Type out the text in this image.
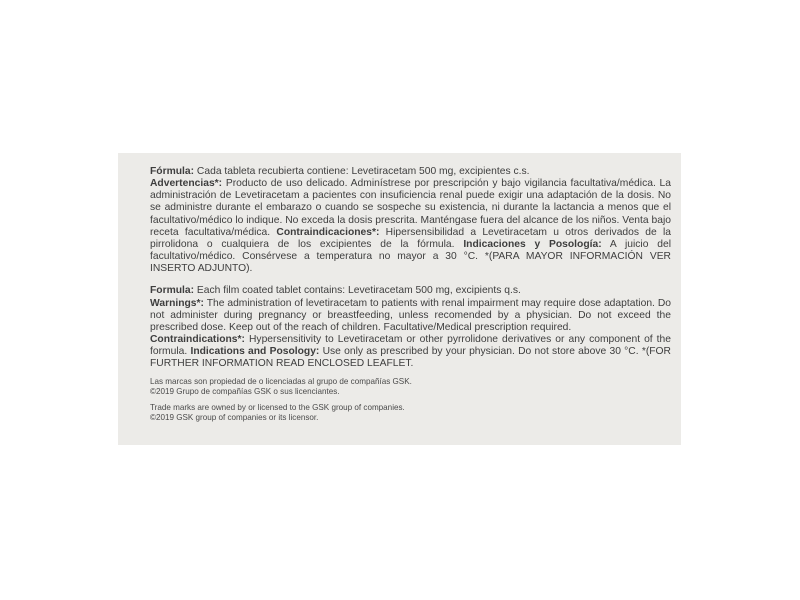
Fórmula: Cada tableta recubierta contiene: Levetiracetam 500 mg, excipientes c.s.

Advertencias*: Producto de uso delicado. Adminístrese por prescripción y bajo vigilancia facultativa/médica. La administración de Levetiracetam a pacientes con insuficiencia renal puede exigir una adaptación de la dosis. No se administre durante el embarazo o cuando se sospeche su existencia, ni durante la lactancia a menos que el facultativo/médico lo indique. No exceda la dosis prescrita. Manténgase fuera del alcance de los niños. Venta bajo receta facultativa/médica. Contraindicaciones*: Hipersensibilidad a Levetiracetam u otros derivados de la pirrolidona o cualquiera de los excipientes de la fórmula. Indicaciones y Posología: A juicio del facultativo/médico. Consérvese a temperatura no mayor a 30 °C. *(PARA MAYOR INFORMACIÓN VER INSERTO ADJUNTO).

Formula: Each film coated tablet contains: Levetiracetam 500 mg, excipients q.s.

Warnings*: The administration of levetiracetam to patients with renal impairment may require dose adaptation. Do not administer during pregnancy or breastfeeding, unless recomended by a physician. Do not exceed the prescribed dose. Keep out of the reach of children. Facultative/Medical prescription required.

Contraindications*: Hypersensitivity to Levetiracetam or other pyrrolidone derivatives or any component of the formula. Indications and Posology: Use only as prescribed by your physician. Do not store above 30 °C. *(FOR FURTHER INFORMATION READ ENCLOSED LEAFLET.

Las marcas son propiedad de o licenciadas al grupo de compañías GSK.

©2019 Grupo de compañías GSK o sus licenciantes.

Trade marks are owned by or licensed to the GSK group of companies.

©2019 GSK group of companies or its licensor.
